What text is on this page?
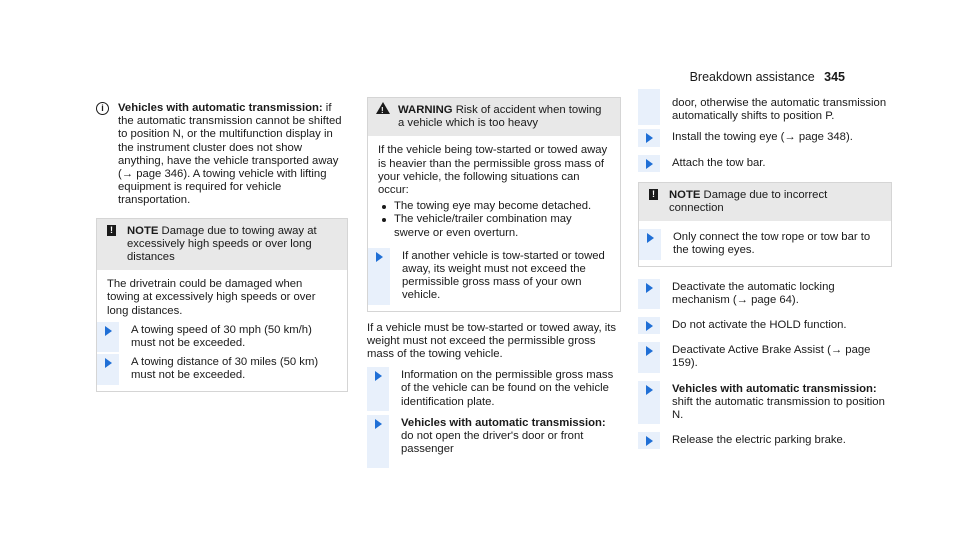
Breakdown assistance 345
i	Vehicles with automatic transmission: if the automatic transmission cannot be shifted to position N, or the multifunction display in the instrument cluster does not show anything, have the vehicle transported away (→ page 346). A towing vehicle with lifting equipment is required for vehicle transportation.
! NOTE Damage due to towing away at excessively high speeds or over long distances
The drivetrain could be damaged when towing at excessively high speeds or over long distances.
A towing speed of 30 mph (50 km/h) must not be exceeded.
A towing distance of 30 miles (50 km) must not be exceeded.
! WARNING Risk of accident when towing a vehicle which is too heavy
If the vehicle being tow-started or towed away is heavier than the permissible gross mass of your vehicle, the following situations can occur:
The towing eye may become detached.
The vehicle/trailer combination may swerve or even overturn.
If another vehicle is tow-started or towed away, its weight must not exceed the permissible gross mass of your own vehicle.
If a vehicle must be tow-started or towed away, its weight must not exceed the permissible gross mass of the towing vehicle.
Information on the permissible gross mass of the vehicle can be found on the vehicle identification plate.
Vehicles with automatic transmission: do not open the driver's door or front passenger
door, otherwise the automatic transmission automatically shifts to position P.
Install the towing eye (→ page 348).
Attach the tow bar.
! NOTE Damage due to incorrect connection
Only connect the tow rope or tow bar to the towing eyes.
Deactivate the automatic locking mechanism (→ page 64).
Do not activate the HOLD function.
Deactivate Active Brake Assist (→ page 159).
Vehicles with automatic transmission: shift the automatic transmission to position N.
Release the electric parking brake.
